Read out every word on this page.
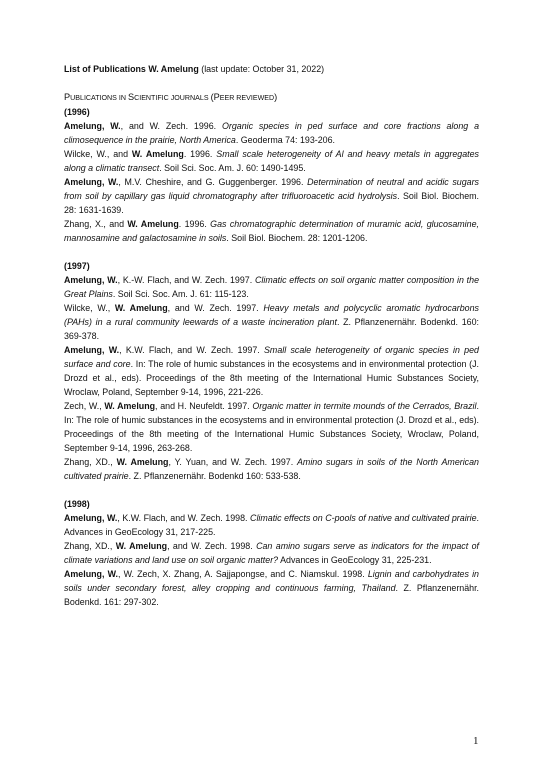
List of Publications W. Amelung (last update: October 31, 2022)

PUBLICATIONS IN SCIENTIFIC JOURNALS (PEER REVIEWED)
(1996)
Amelung, W., and W. Zech. 1996. Organic species in ped surface and core fractions along a climosequence in the prairie, North America. Geoderma 74: 193-206.
Wilcke, W., and W. Amelung. 1996. Small scale heterogeneity of Al and heavy metals in aggregates along a climatic transect. Soil Sci. Soc. Am. J. 60: 1490-1495.
Amelung, W., M.V. Cheshire, and G. Guggenberger. 1996. Determination of neutral and acidic sugars from soil by capillary gas liquid chromatography after trifluoroacetic acid hydrolysis. Soil Biol. Biochem. 28: 1631-1639.
Zhang, X., and W. Amelung. 1996. Gas chromatographic determination of muramic acid, glucosamine, mannosamine and galactosamine in soils. Soil Biol. Biochem. 28: 1201-1206.
(1997)
Amelung, W., K.-W. Flach, and W. Zech. 1997. Climatic effects on soil organic matter composition in the Great Plains. Soil Sci. Soc. Am. J. 61: 115-123.
Wilcke, W., W. Amelung, and W. Zech. 1997. Heavy metals and polycyclic aromatic hydrocarbons (PAHs) in a rural community leewards of a waste incineration plant. Z. Pflanzenernähr. Bodenkd. 160: 369-378.
Amelung, W., K.W. Flach, and W. Zech. 1997. Small scale heterogeneity of organic species in ped surface and core. In: The role of humic substances in the ecosystems and in environmental protection (J. Drozd et al., eds). Proceedings of the 8th meeting of the International Humic Substances Society, Wroclaw, Poland, September 9-14, 1996, 221-226.
Zech, W., W. Amelung, and H. Neufeldt. 1997. Organic matter in termite mounds of the Cerrados, Brazil. In: The role of humic substances in the ecosystems and in environmental protection (J. Drozd et al., eds). Proceedings of the 8th meeting of the International Humic Substances Society, Wroclaw, Poland, September 9-14, 1996, 263-268.
Zhang, XD., W. Amelung, Y. Yuan, and W. Zech. 1997. Amino sugars in soils of the North American cultivated prairie. Z. Pflanzenernähr. Bodenkd 160: 533-538.
(1998)
Amelung, W., K.W. Flach, and W. Zech. 1998. Climatic effects on C-pools of native and cultivated prairie. Advances in GeoEcology 31, 217-225.
Zhang, XD., W. Amelung, and W. Zech. 1998. Can amino sugars serve as indicators for the impact of climate variations and land use on soil organic matter? Advances in GeoEcology 31, 225-231.
Amelung, W., W. Zech, X. Zhang, A. Sajjapongse, and C. Niamskul. 1998. Lignin and carbohydrates in soils under secondary forest, alley cropping and continuous farming, Thailand. Z. Pflanzenernähr. Bodenkd. 161: 297-302.
1
